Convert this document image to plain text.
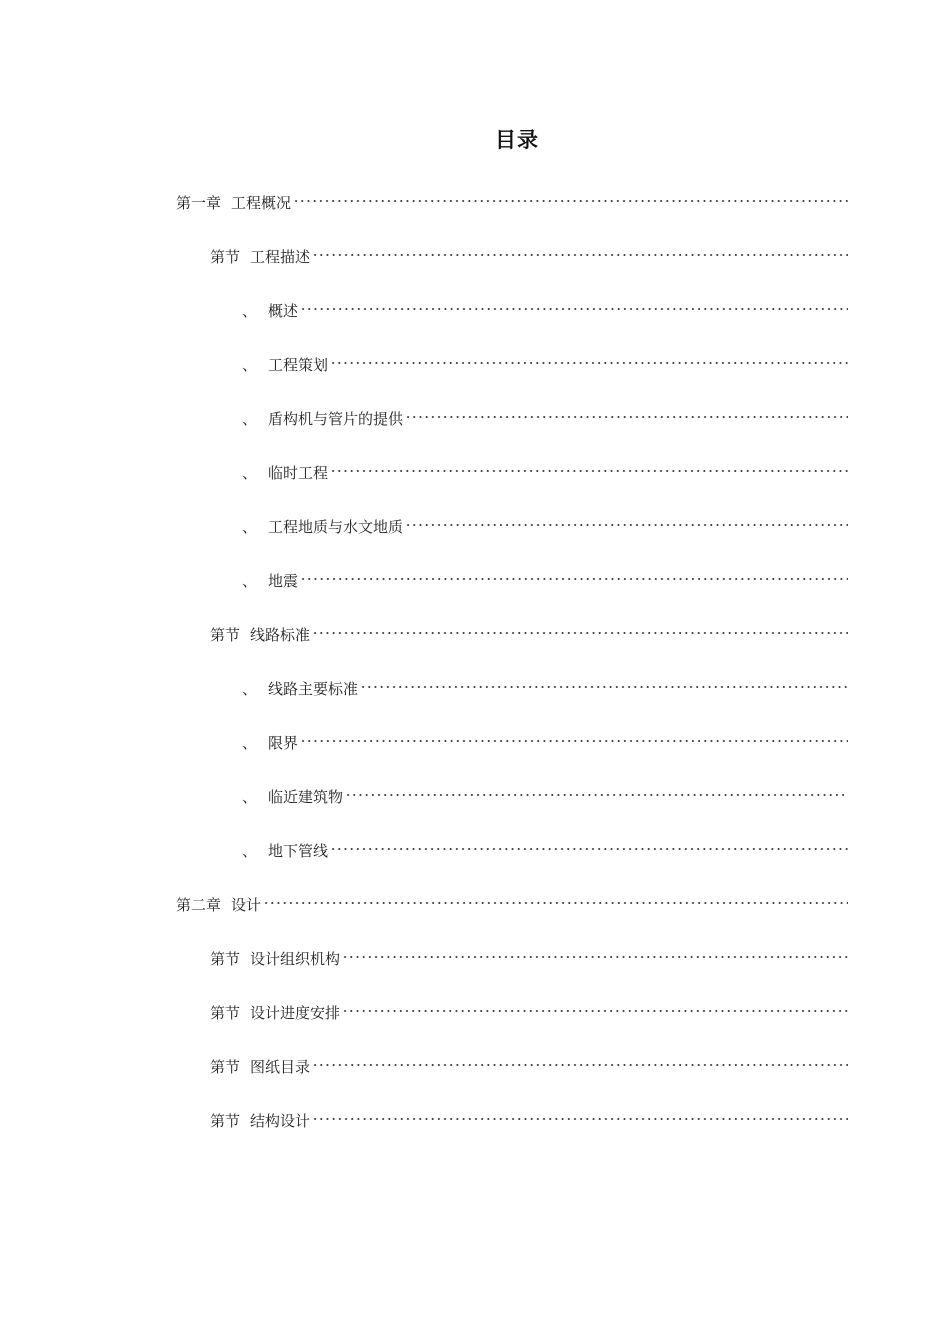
目录
第一章 工程概况
第节 工程描述
、 概述
、 工程策划
、 盾构机与管片的提供
、 临时工程
、 工程地质与水文地质
、 地震
第节 线路标准
、 线路主要标准
、 限界
、 临近建筑物
、 地下管线
第二章 设计
第节 设计组织机构
第节 设计进度安排
第节 图纸目录
第节 结构设计
